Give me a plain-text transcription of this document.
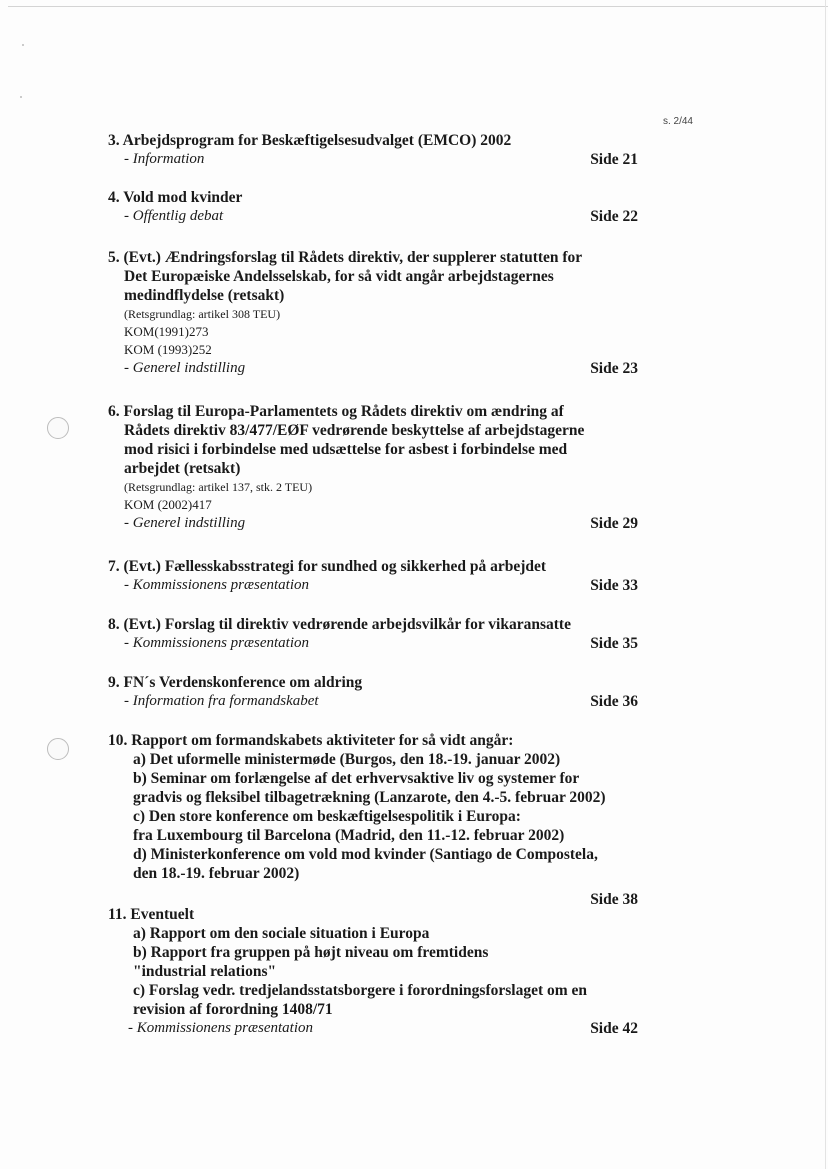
s. 2/44
3. Arbejdsprogram for Beskæftigelsesudvalget (EMCO) 2002
- Information	Side 21
4. Vold mod kvinder
- Offentlig debat	Side 22
5. (Evt.) Ændringsforslag til Rådets direktiv, der supplerer statutten for
Det Europæiske Andelsselskab, for så vidt angår arbejdstagernes
medindflydelse (retsakt)
(Retsgrundlag: artikel 308 TEU)
KOM(1991)273
KOM (1993)252
- Generel indstilling	Side 23
6. Forslag til Europa-Parlamentets og Rådets direktiv om ændring af
Rådets direktiv 83/477/EØF vedrørende beskyttelse af arbejdstagerne
mod risici i forbindelse med udsættelse for asbest i forbindelse med
arbejdet (retsakt)
(Retsgrundlag: artikel 137, stk. 2 TEU)
KOM (2002)417
- Generel indstilling	Side 29
7. (Evt.) Fællesskabsstrategi for sundhed og sikkerhed på arbejdet
- Kommissionens præsentation	Side 33
8. (Evt.) Forslag til direktiv vedrørende arbejdsvilkår for vikaransatte
- Kommissionens præsentation	Side 35
9. FN´s Verdenskonference om aldring
- Information fra formandskabet	Side 36
10. Rapport om formandskabets aktiviteter for så vidt angår:
a) Det uformelle ministermøde (Burgos, den 18.-19. januar 2002)
b) Seminar om forlængelse af det erhvervsaktive liv og systemer for
gradvis og fleksibel tilbagetrækning (Lanzarote, den 4.-5. februar 2002)
c) Den store konference om beskæftigelsespolitik i Europa:
fra Luxembourg til Barcelona (Madrid, den 11.-12. februar 2002)
d) Ministerkonference om vold mod kvinder (Santiago de Compostela,
den 18.-19. februar 2002)
Side 38
11. Eventuelt
a) Rapport om den sociale situation i Europa
b) Rapport fra gruppen på højt niveau om fremtidens
"industrial relations"
c) Forslag vedr. tredjelandsstatsborgere i forordningsforslaget om en
revision af forordning 1408/71
- Kommissionens præsentation	Side 42
